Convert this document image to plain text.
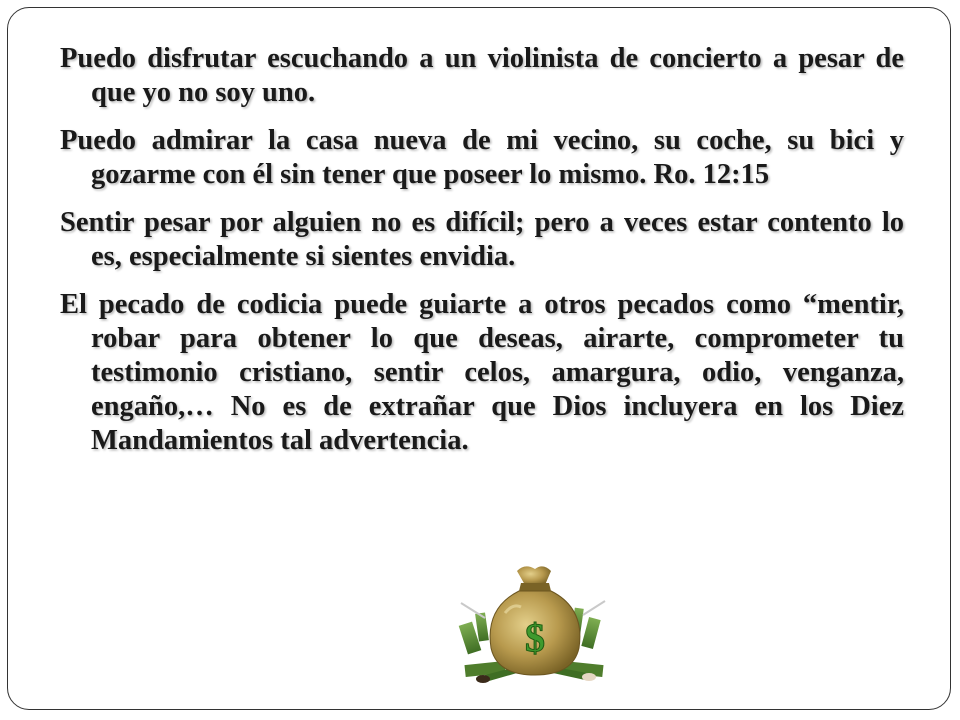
Puedo disfrutar escuchando a un violinista de concierto a pesar de que yo no soy uno.

Puedo admirar la casa nueva de mi vecino, su coche, su bici y gozarme con él sin tener que poseer lo mismo. Ro. 12:15

Sentir pesar por alguien no es difícil; pero a veces estar contento lo es, especialmente si sientes envidia.

El pecado de codicia puede guiarte a otros pecados como “mentir, robar para obtener lo que deseas, airarte, comprometer tu testimonio cristiano, sentir celos, amargura, odio, venganza, engaño,… No es de extrañar que Dios incluyera en los Diez Mandamientos tal advertencia.

$
